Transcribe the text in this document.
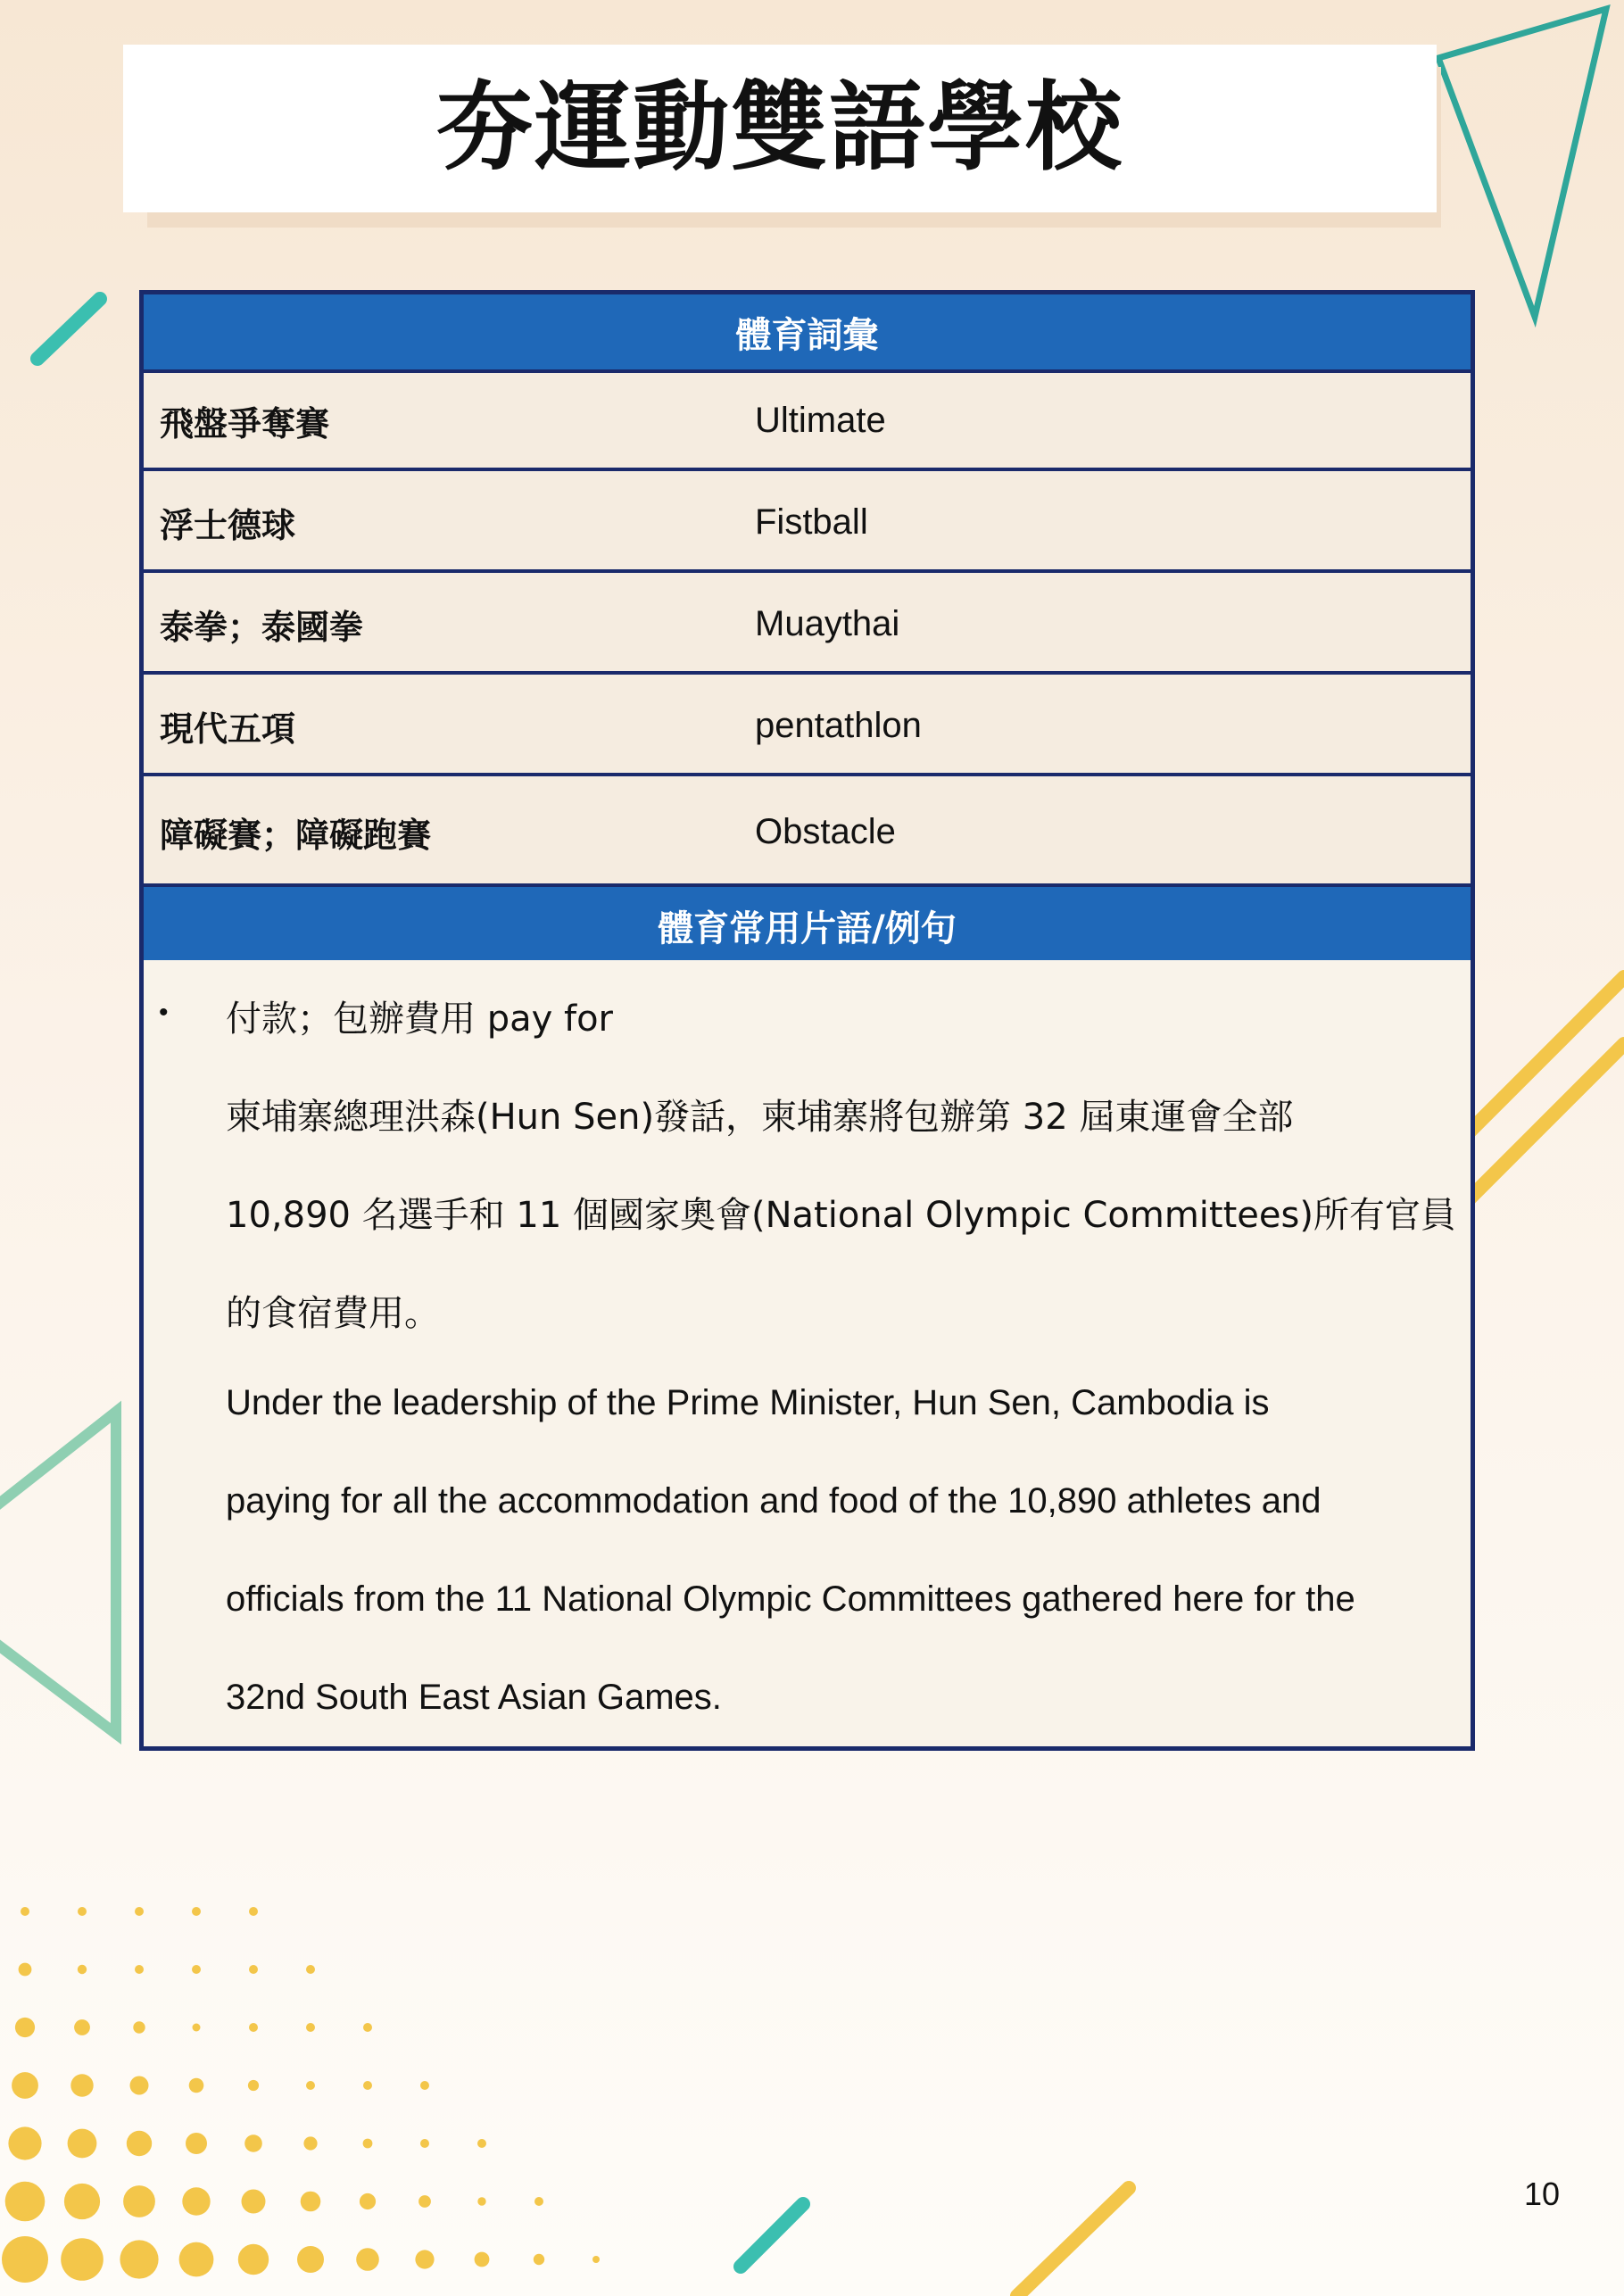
夯運動雙語學校
體育詞彙
飛盤爭奪賽	Ultimate
浮士德球	Fistball
泰拳；泰國拳	Muaythai
現代五項	pentathlon
障礙賽；障礙跑賽	Obstacle
體育常用片語/例句
• 付款；包辦費用 pay for
柬埔寨總理洪森(Hun Sen)發話，柬埔寨將包辦第 32 屆東運會全部
10,890 名選手和 11 個國家奧會(National Olympic Committees)所有官員
的食宿費用。
Under the leadership of the Prime Minister, Hun Sen, Cambodia is
paying for all the accommodation and food of the 10,890 athletes and
officials from the 11 National Olympic Committees gathered here for the
32nd South East Asian Games.
10
